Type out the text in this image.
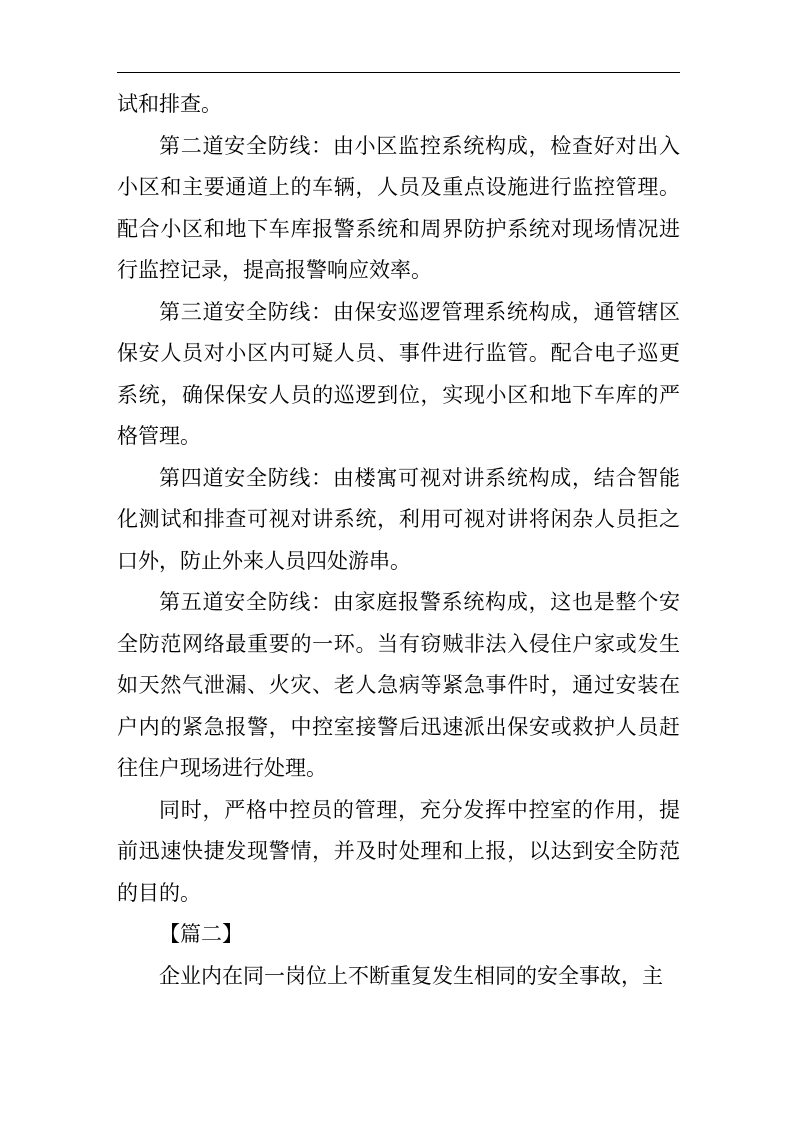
试和排查。

第二道安全防线：由小区监控系统构成，检查好对出入小区和主要通道上的车辆，人员及重点设施进行监控管理。配合小区和地下车库报警系统和周界防护系统对现场情况进行监控记录，提高报警响应效率。

第三道安全防线：由保安巡逻管理系统构成，通管辖区保安人员对小区内可疑人员、事件进行监管。配合电子巡更系统，确保保安人员的巡逻到位，实现小区和地下车库的严格管理。

第四道安全防线：由楼寓可视对讲系统构成，结合智能化测试和排查可视对讲系统，利用可视对讲将闲杂人员拒之口外，防止外来人员四处游串。

第五道安全防线：由家庭报警系统构成，这也是整个安全防范网络最重要的一环。当有窃贼非法入侵住户家或发生如天然气泄漏、火灾、老人急病等紧急事件时，通过安装在户内的紧急报警，中控室接警后迅速派出保安或救护人员赶往住户现场进行处理。

同时，严格中控员的管理，充分发挥中控室的作用，提前迅速快捷发现警情，并及时处理和上报，以达到安全防范的目的。

【篇二】

企业内在同一岗位上不断重复发生相同的安全事故，主
